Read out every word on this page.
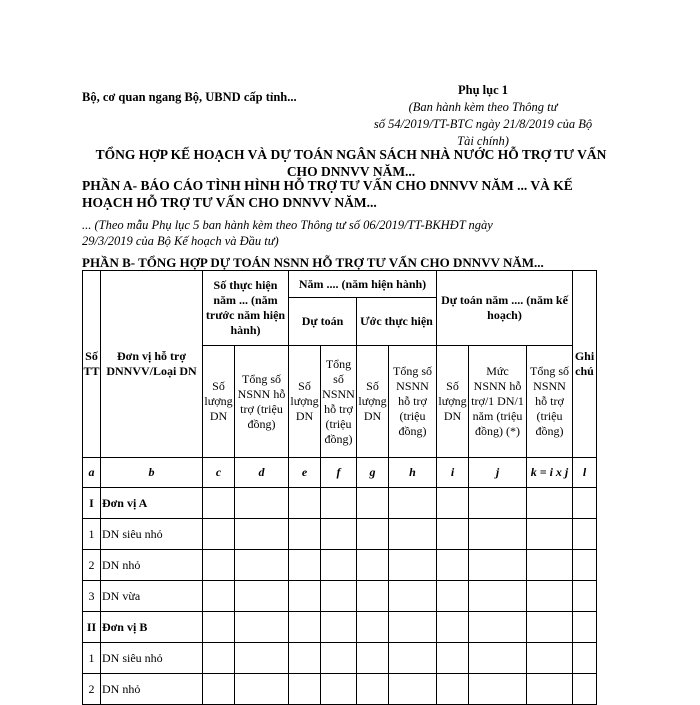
Bộ, cơ quan ngang Bộ, UBND cấp tỉnh...	Phụ lục 1
(Ban hành kèm theo Thông tư
số 54/2019/TT-BTC ngày 21/8/2019 của Bộ
Tài chính)
TỔNG HỢP KẾ HOẠCH VÀ DỰ TOÁN NGÂN SÁCH NHÀ NƯỚC HỖ TRỢ TƯ VẤN
CHO DNNVV NĂM...
PHẦN A- BÁO CÁO TÌNH HÌNH HỖ TRỢ TƯ VẤN CHO DNNVV NĂM ... VÀ KẾ
HOẠCH HỖ TRỢ TƯ VẤN CHO DNNVV NĂM...
... (Theo mẫu Phụ lục 5 ban hành kèm theo Thông tư số 06/2019/TT-BKHĐT ngày
29/3/2019 của Bộ Kế hoạch và Đầu tư)
PHẦN B- TỔNG HỢP DỰ TOÁN NSNN HỖ TRỢ TƯ VẤN CHO DNNVV NĂM...
Số TT	Đơn vị hỗ trợ DNNVV/Loại DN	Số thực hiện năm ... (năm trước năm hiện hành)		Năm .... (năm hiện hành)				Dự toán năm .... (năm kế hoạch)			Ghi chú
				Dự toán		Ước thực hiện					
		Số lượng DN	Tổng số NSNN hỗ trợ (triệu đồng)	Số lượng DN	Tổng số NSNN hỗ trợ (triệu đồng)	Số lượng DN	Tổng số NSNN hỗ trợ (triệu đồng)	Số lượng DN	Mức NSNN hỗ trợ/1 DN/1 năm (triệu đồng) (*)	Tổng số NSNN hỗ trợ (triệu đồng)	
a	b	c	d	e	f	g	h	i	j	k = i x j	l
I	Đơn vị A										
1	DN siêu nhỏ										
2	DN nhỏ										
3	DN vừa										
II	Đơn vị B										
1	DN siêu nhỏ										
2	DN nhỏ										
